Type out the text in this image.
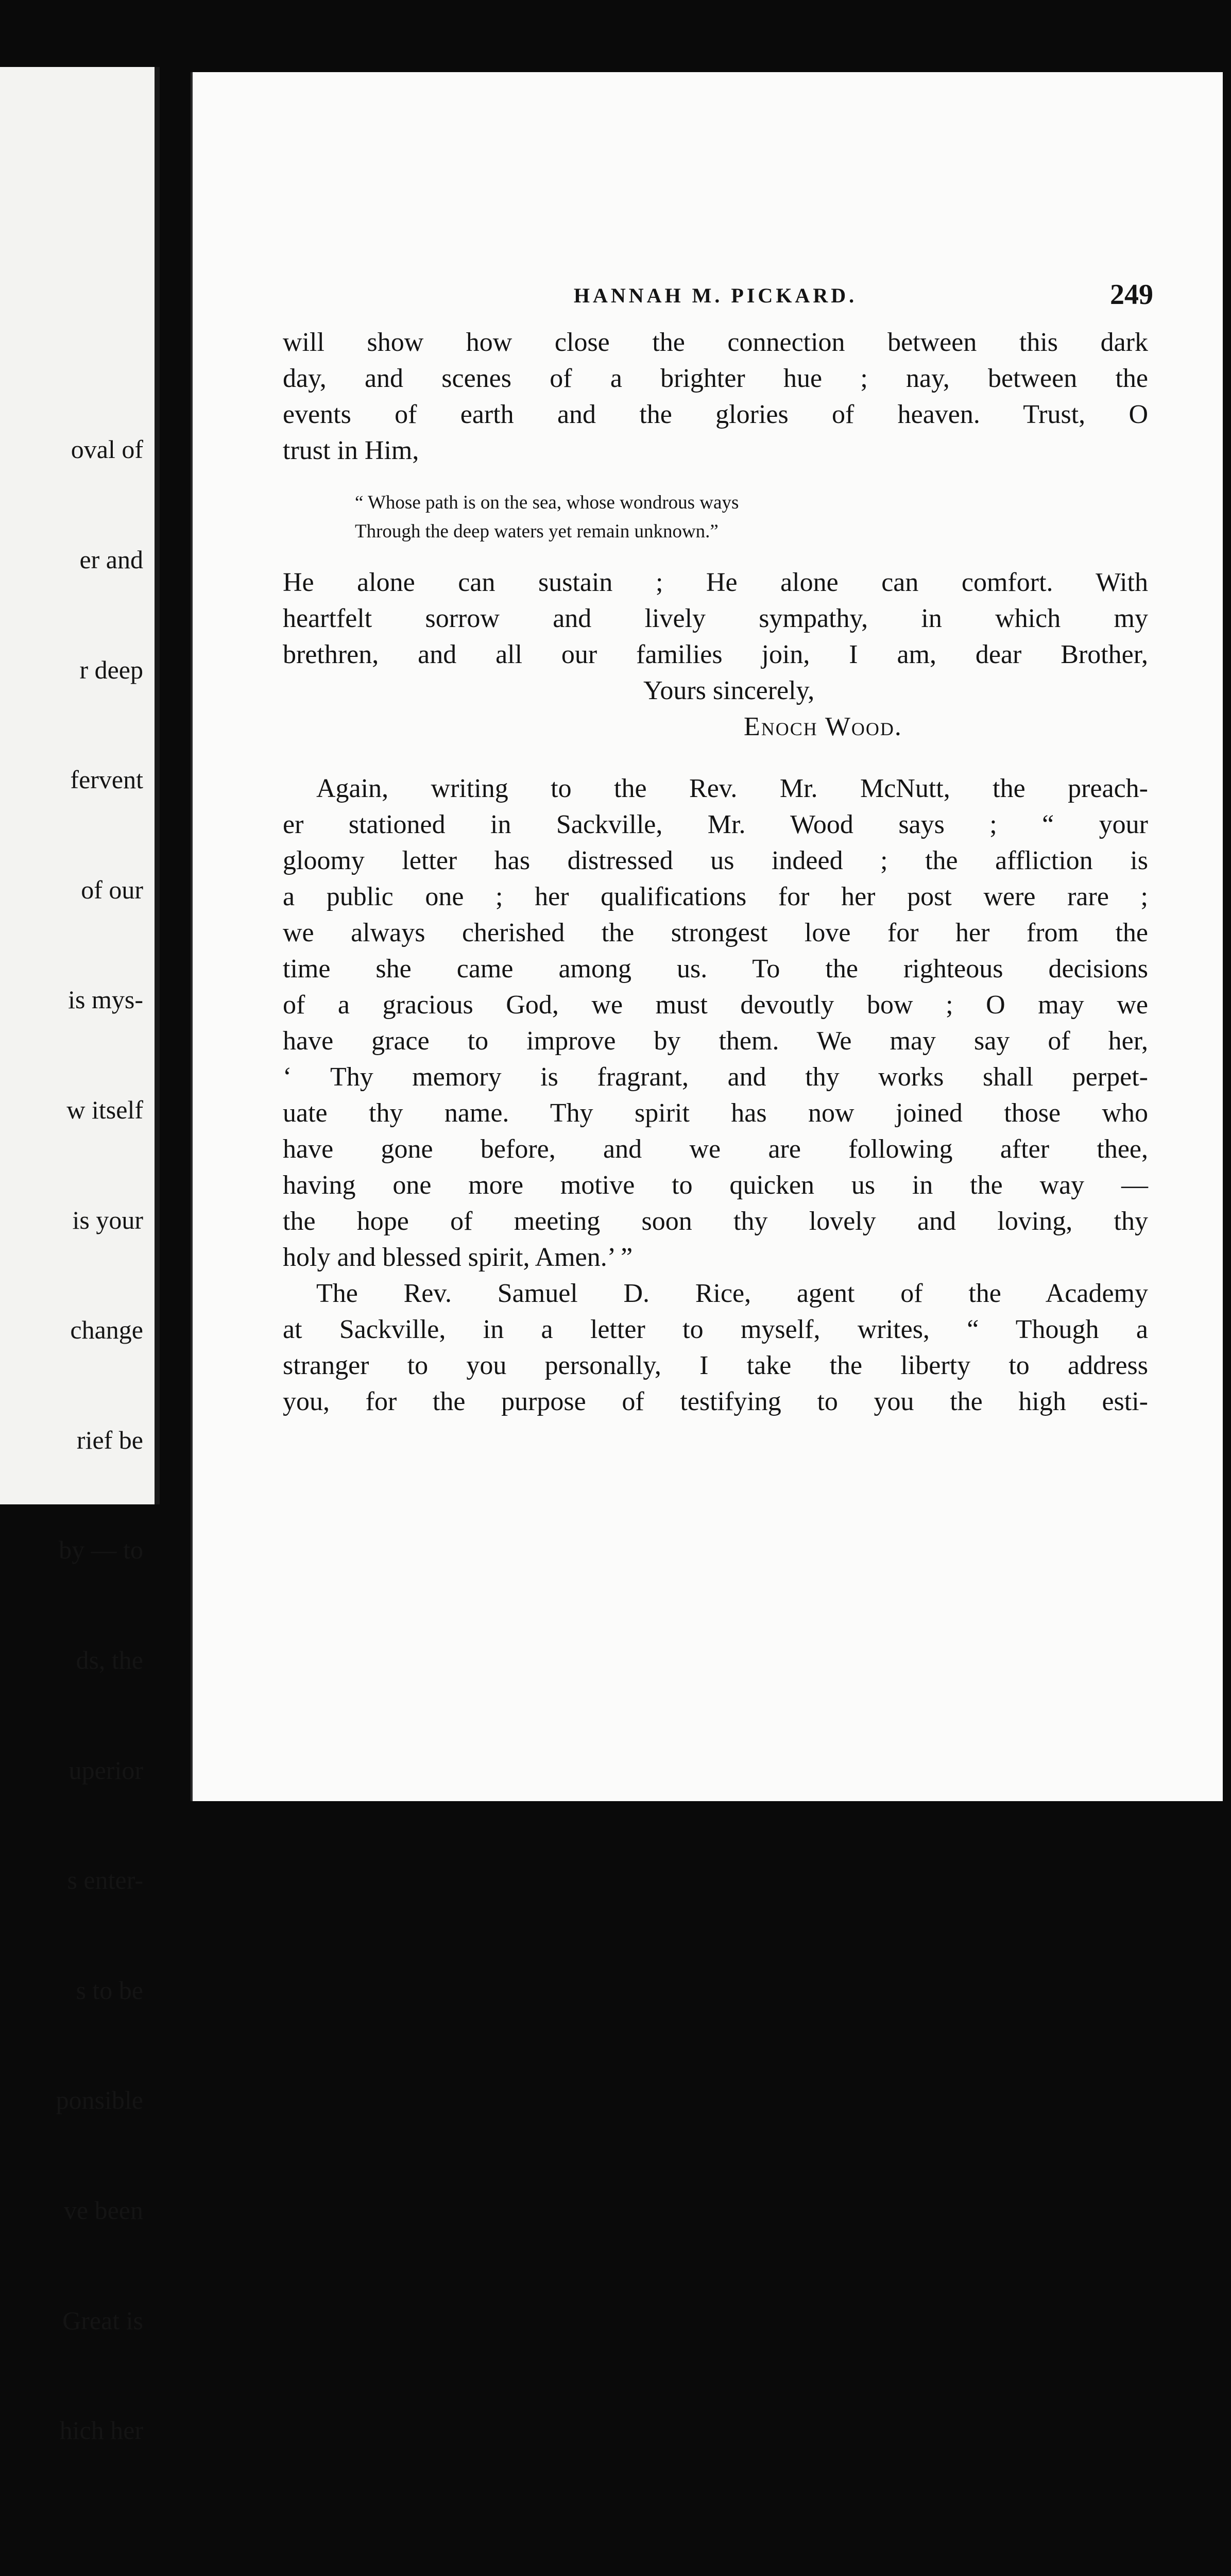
oval of

er and

r deep

fervent

of our

is mys-

w itself

is your

change

rief be

by — to

ds, the

uperior

s enter-

s to be

ponsible

ve been

Great is

hich her

HANNAH M. PICKARD.	249
will show how close the connection between this dark
day, and scenes of a brighter hue ; nay, between the
events of earth and the glories of heaven. Trust, O
trust in Him,
“ Whose path is on the sea, whose wondrous ways
Through the deep waters yet remain unknown.”
He alone can sustain ; He alone can comfort. With
heartfelt sorrow and lively sympathy, in which my
brethren, and all our families join, I am, dear Brother,
Yours sincerely,
Enoch Wood.
Again, writing to the Rev. Mr. McNutt, the preach-
er stationed in Sackville, Mr. Wood says ; “ your
gloomy letter has distressed us indeed ; the affliction is
a public one ; her qualifications for her post were rare ;
we always cherished the strongest love for her from the
time she came among us. To the righteous decisions
of a gracious God, we must devoutly bow ; O may we
have grace to improve by them. We may say of her,
‘ Thy memory is fragrant, and thy works shall perpet-
uate thy name. Thy spirit has now joined those who
have gone before, and we are following after thee,
having one more motive to quicken us in the way —
the hope of meeting soon thy lovely and loving, thy
holy and blessed spirit, Amen.’ ”
The Rev. Samuel D. Rice, agent of the Academy
at Sackville, in a letter to myself, writes, “ Though a
stranger to you personally, I take the liberty to address
you, for the purpose of testifying to you the high esti-
